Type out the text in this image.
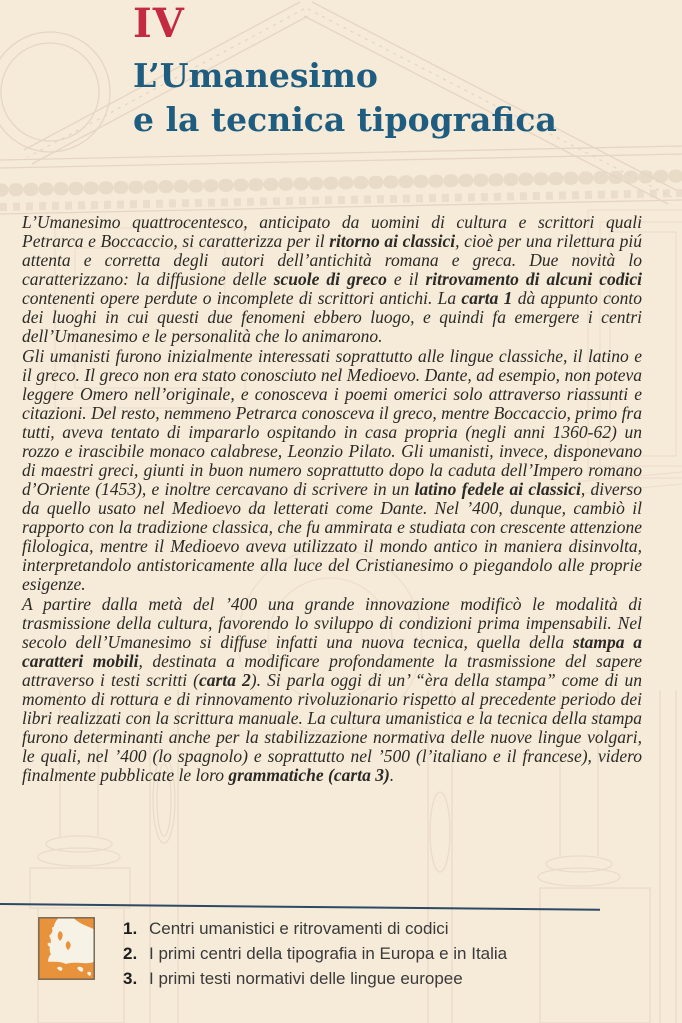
IV
L’Umanesimo
e la tecnica tipografica

L’Umanesimo quattrocentesco, anticipato da uomini di cultura e scrittori quali Petrarca e Boccaccio, si caratterizza per il ritorno ai classici, cioè per una rilettura piú attenta e corretta degli autori dell’antichità romana e greca. Due novità lo caratterizzano: la diffusione delle scuole di greco e il ritrovamento di alcuni codici contenenti opere perdute o incomplete di scrittori antichi. La carta 1 dà appunto conto dei luoghi in cui questi due fenomeni ebbero luogo, e quindi fa emergere i centri dell’Umanesimo e le personalità che lo animarono.

Gli umanisti furono inizialmente interessati soprattutto alle lingue classiche, il latino e il greco. Il greco non era stato conosciuto nel Medioevo. Dante, ad esempio, non poteva leggere Omero nell’originale, e conosceva i poemi omerici solo attraverso riassunti e citazioni. Del resto, nemmeno Petrarca conosceva il greco, mentre Boccaccio, primo fra tutti, aveva tentato di impararlo ospitando in casa propria (negli anni 1360-62) un rozzo e irascibile monaco calabrese, Leonzio Pilato. Gli umanisti, invece, disponevano di maestri greci, giunti in buon numero soprattutto dopo la caduta dell’Impero romano d’Oriente (1453), e inoltre cercavano di scrivere in un latino fedele ai classici, diverso da quello usato nel Medioevo da letterati come Dante. Nel ’400, dunque, cambiò il rapporto con la tradizione classica, che fu ammirata e studiata con crescente attenzione filologica, mentre il Medioevo aveva utilizzato il mondo antico in maniera disinvolta, interpretandolo antistoricamente alla luce del Cristianesimo o piegandolo alle proprie esigenze.

A partire dalla metà del ’400 una grande innovazione modificò le modalità di trasmissione della cultura, favorendo lo sviluppo di condizioni prima impensabili. Nel secolo dell’Umanesimo si diffuse infatti una nuova tecnica, quella della stampa a caratteri mobili, destinata a modificare profondamente la trasmissione del sapere attraverso i testi scritti (carta 2). Si parla oggi di un’ “èra della stampa” come di un momento di rottura e di rinnovamento rivoluzionario rispetto al precedente periodo dei libri realizzati con la scrittura manuale. La cultura umanistica e la tecnica della stampa furono determinanti anche per la stabilizzazione normativa delle nuove lingue volgari, le quali, nel ’400 (lo spagnolo) e soprattutto nel ’500 (l’italiano e il francese), videro finalmente pubblicate le loro grammatiche (carta 3).

1. Centri umanistici e ritrovamenti di codici
2. I primi centri della tipografia in Europa e in Italia
3. I primi testi normativi delle lingue europee
